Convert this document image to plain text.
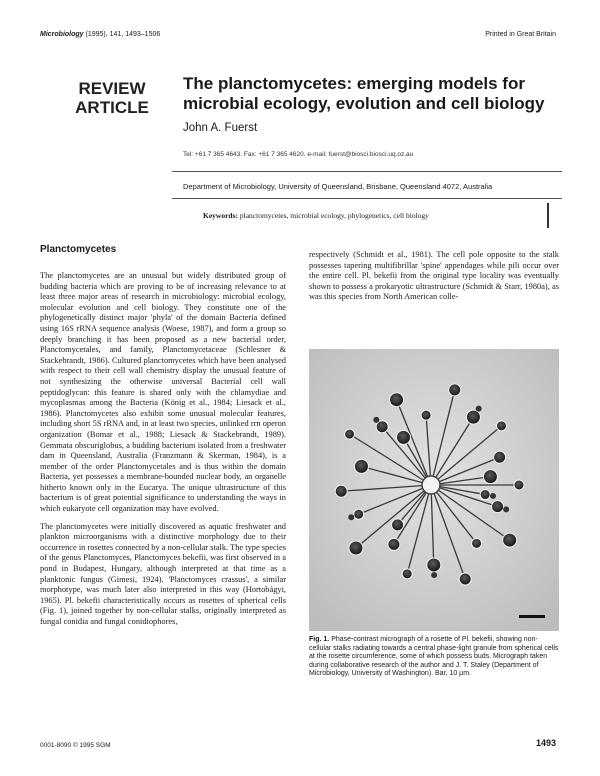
Microbiology (1995), 141, 1493–1506	Printed in Great Britain
REVIEW
ARTICLE
The planctomycetes: emerging models for
microbial ecology, evolution and cell biology
John A. Fuerst
Tel: +61 7 365 4643. Fax: +61 7 365 4620. e-mail: fuerst@biosci.biosci.uq.oz.au
Department of Microbiology, University of Queensland, Brisbane, Queensland 4072, Australia
Keywords: planctomycetes, microbial ecology, phylogenetics, cell biology
Planctomycetes

The planctomycetes are an unusual but widely distributed group of budding bacteria which are proving to be of increasing relevance to at least three major areas of research in microbiology: microbial ecology, molecular evolution and cell biology. They constitute one of the phylogenetically distinct major 'phyla' of the domain Bacteria defined using 16S rRNA sequence analysis (Woese, 1987), and form a group so deeply branching it has been proposed as a new bacterial order, Planctomycetales, and family, Planctomycetaceae (Schlesner & Stackebrandt, 1986). Cultured planctomycetes which have been analysed with respect to their cell wall chemistry display the unusual feature of not synthesizing the otherwise universal Bacterial cell wall peptidoglycan: this feature is shared only with the chlamydiae and mycoplasmas among the Bacteria (König et al., 1984; Liesack et al., 1986). Planctomycetes also exhibit some unusual molecular features, including short 5S rRNA and, in at least two species, unlinked rrn operon organization (Bomar et al., 1988; Liesack & Stackebrandt, 1989). Gemmata obscuriglobus, a budding bacterium isolated from a freshwater dam in Queensland, Australia (Franzmann & Skerman, 1984), is a member of the order Planctomycetales and is thus within the domain Bacteria, yet possesses a membrane-bounded nuclear body, an organelle hitherto known only in the Eucarya. The unique ultrastructure of this bacterium is of great potential significance to understanding the ways in which eukaryote cell organization may have evolved.

The planctomycetes were initially discovered as aquatic freshwater and plankton microorganisms with a distinctive morphology due to their occurrence in rosettes connected by a non-cellular stalk. The type species of the genus Planctomyces, Planctomyces bekefii, was first observed in a pond in Budapest, Hungary, although interpreted at that time as a planktonic fungus (Gimesi, 1924). 'Planctomyces crassus', a similar morphotype, was much later also interpreted in this way (Hortobágyi, 1965). Pl. bekefii characteristically occurs as rosettes of spherical cells (Fig. 1), joined together by non-cellular stalks, originally interpreted as fungal conidia and fungal conidiophores,

respectively (Schmidt et al., 1981). The cell pole opposite to the stalk possesses tapering multifibrillar 'spine' appendages while pili occur over the entire cell. Pl. bekefii from the original type locality was eventually shown to possess a prokaryotic ultrastructure (Schmidt & Starr, 1980a), as was this species from North American colle-

Fig. 1. Phase-contrast micrograph of a rosette of Pl. bekefii, showing non-cellular stalks radiating towards a central phase-light granule from spherical cells at the rosette circumference, some of which possess buds. Micrograph taken during collaborative research of the author and J. T. Staley (Department of Microbiology, University of Washington). Bar, 10 µm.
0001-8090 © 1995 SGM	1493
